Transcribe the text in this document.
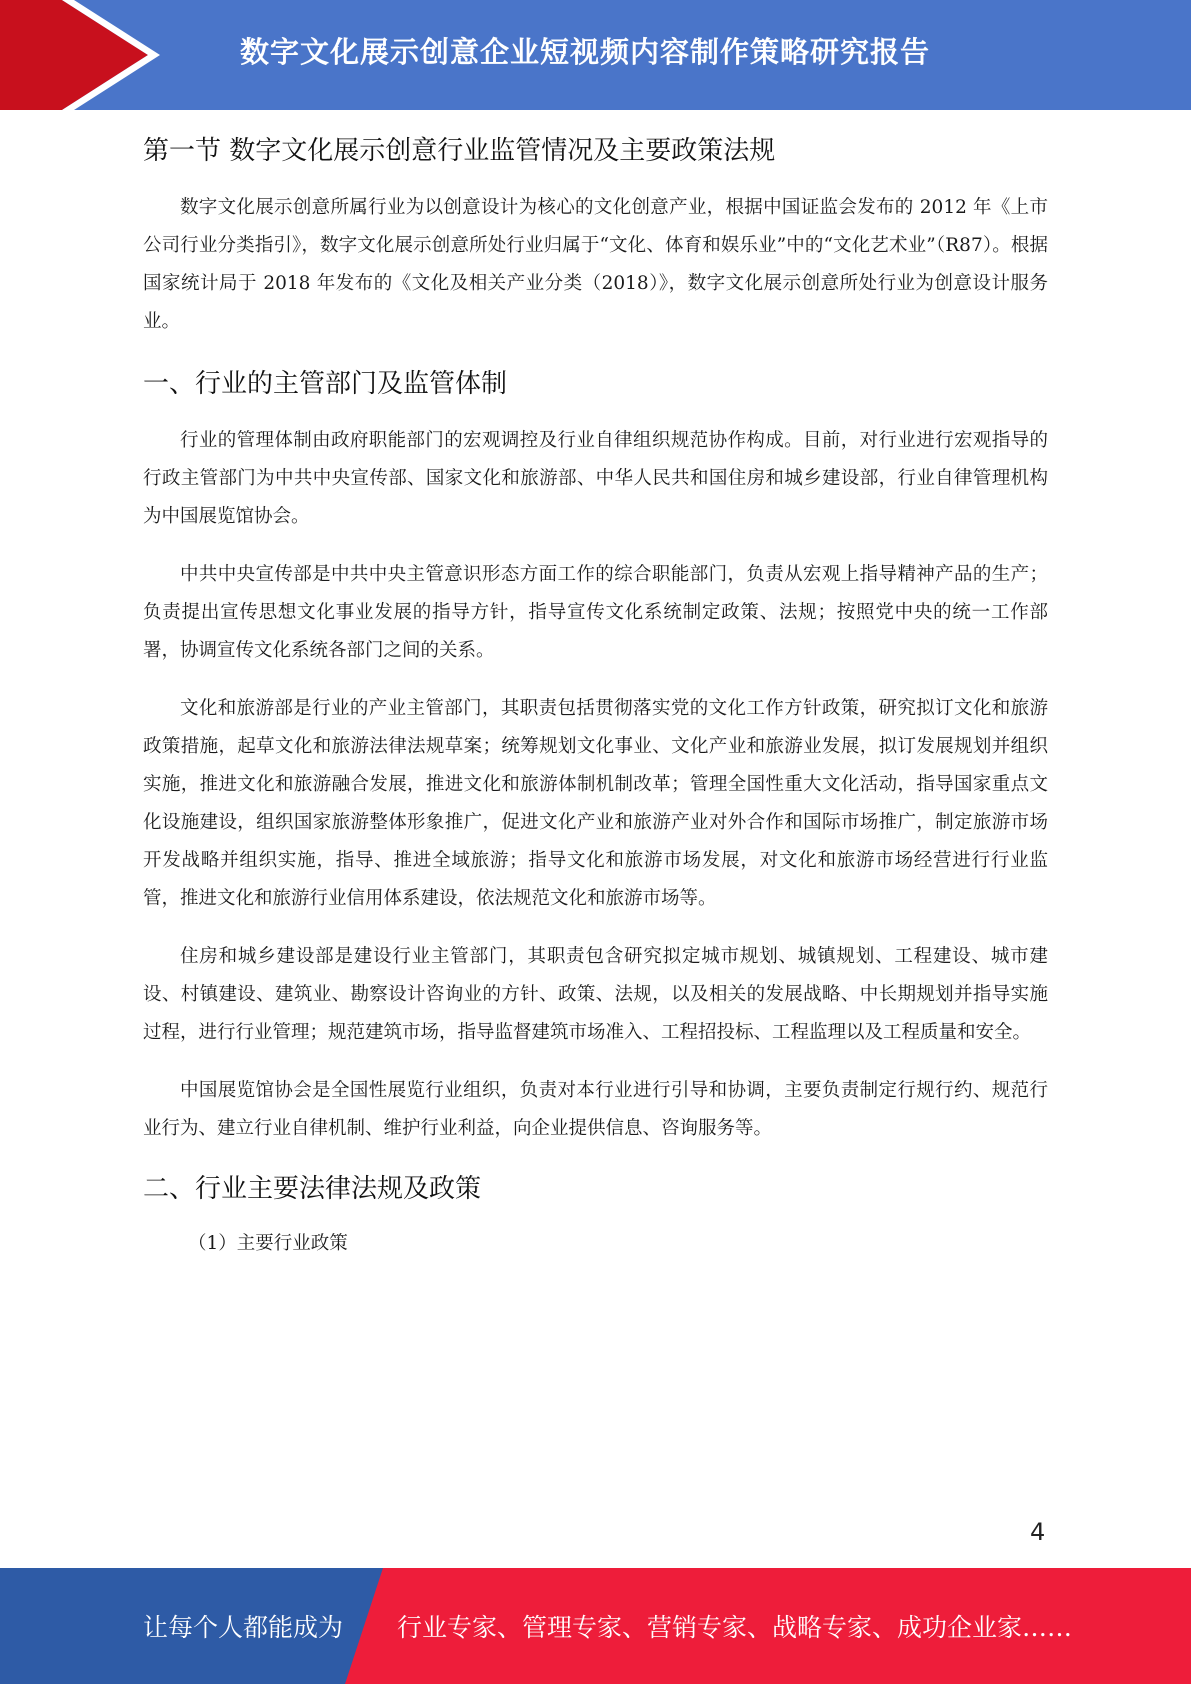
数字文化展示创意企业短视频内容制作策略研究报告
第一节 数字文化展示创意行业监管情况及主要政策法规

数字文化展示创意所属行业为以创意设计为核心的文化创意产业，根据中国证监会发布的 2012 年《上市公司行业分类指引》，数字文化展示创意所处行业归属于“文化、体育和娱乐业”中的“文化艺术业”（R87）。根据国家统计局于 2018 年发布的《文化及相关产业分类（2018）》，数字文化展示创意所处行业为创意设计服务业。

一、行业的主管部门及监管体制

行业的管理体制由政府职能部门的宏观调控及行业自律组织规范协作构成。目前，对行业进行宏观指导的行政主管部门为中共中央宣传部、国家文化和旅游部、中华人民共和国住房和城乡建设部，行业自律管理机构为中国展览馆协会。

中共中央宣传部是中共中央主管意识形态方面工作的综合职能部门，负责从宏观上指导精神产品的生产；负责提出宣传思想文化事业发展的指导方针，指导宣传文化系统制定政策、法规；按照党中央的统一工作部署，协调宣传文化系统各部门之间的关系。

文化和旅游部是行业的产业主管部门，其职责包括贯彻落实党的文化工作方针政策，研究拟订文化和旅游政策措施，起草文化和旅游法律法规草案；统筹规划文化事业、文化产业和旅游业发展，拟订发展规划并组织实施，推进文化和旅游融合发展，推进文化和旅游体制机制改革；管理全国性重大文化活动，指导国家重点文化设施建设，组织国家旅游整体形象推广，促进文化产业和旅游产业对外合作和国际市场推广，制定旅游市场开发战略并组织实施，指导、推进全域旅游；指导文化和旅游市场发展，对文化和旅游市场经营进行行业监管，推进文化和旅游行业信用体系建设，依法规范文化和旅游市场等。

住房和城乡建设部是建设行业主管部门，其职责包含研究拟定城市规划、城镇规划、工程建设、城市建设、村镇建设、建筑业、勘察设计咨询业的方针、政策、法规，以及相关的发展战略、中长期规划并指导实施过程，进行行业管理；规范建筑市场，指导监督建筑市场准入、工程招投标、工程监理以及工程质量和安全。

中国展览馆协会是全国性展览行业组织，负责对本行业进行引导和协调，主要负责制定行规行约、规范行业行为、建立行业自律机制、维护行业利益，向企业提供信息、咨询服务等。

二、行业主要法律法规及政策

（1）主要行业政策

4
让每个人都能成为 行业专家、管理专家、营销专家、战略专家、成功企业家……
